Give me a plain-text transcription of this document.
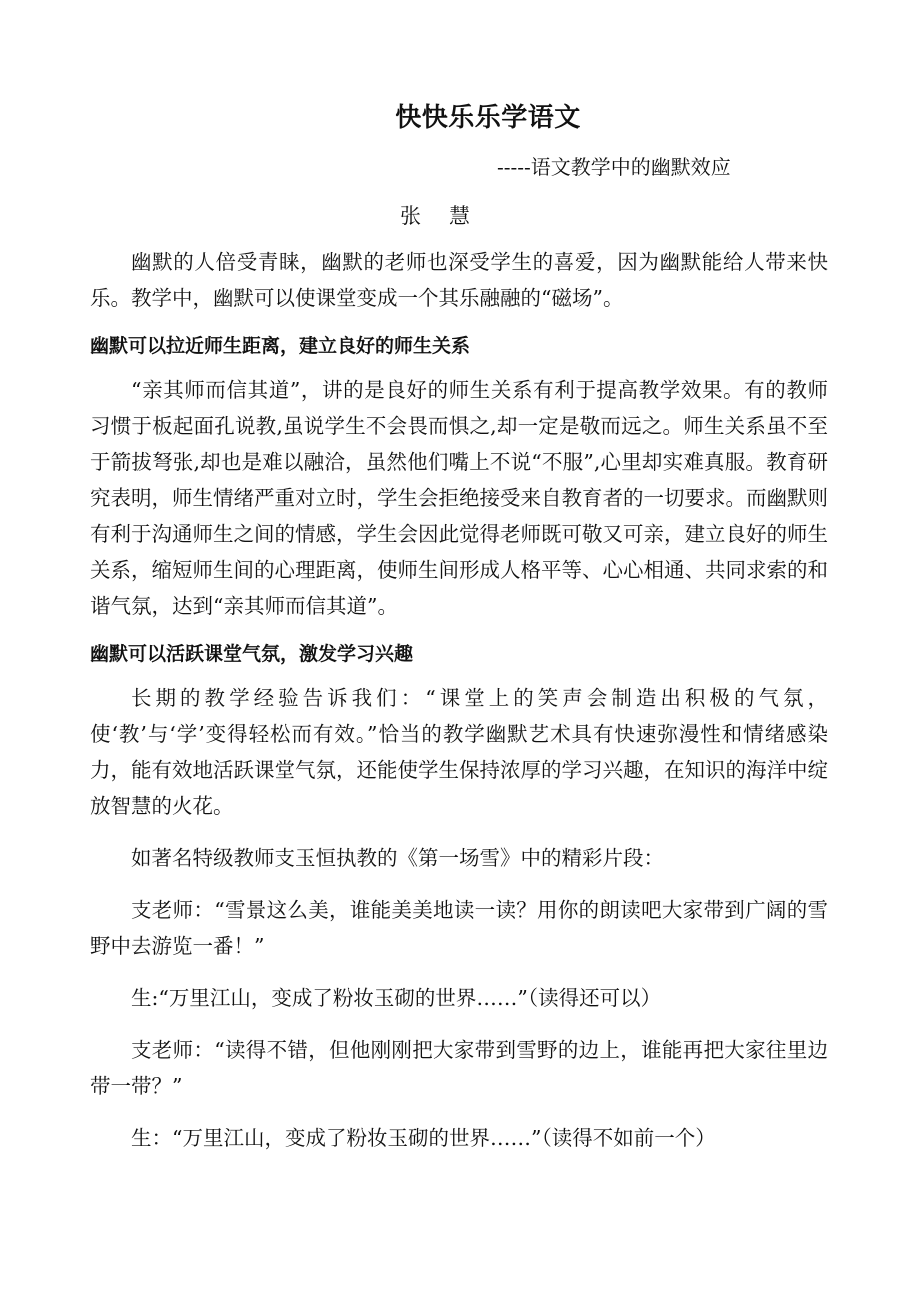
快快乐乐学语文
-----语文教学中的幽默效应
张慧

幽默的人倍受青睐，幽默的老师也深受学生的喜爱，因为幽默能给人带来快乐。教学中，幽默可以使课堂变成一个其乐融融的“磁场”。

幽默可以拉近师生距离，建立良好的师生关系

“亲其师而信其道”，讲的是良好的师生关系有利于提高教学效果。有的教师习惯于板起面孔说教,虽说学生不会畏而惧之,却一定是敬而远之。师生关系虽不至于箭拔弩张,却也是难以融洽，虽然他们嘴上不说“不服”,心里却实难真服。教育研究表明，师生情绪严重对立时，学生会拒绝接受来自教育者的一切要求。而幽默则有利于沟通师生之间的情感，学生会因此觉得老师既可敬又可亲，建立良好的师生关系，缩短师生间的心理距离，使师生间形成人格平等、心心相通、共同求索的和谐气氛，达到“亲其师而信其道”。

幽默可以活跃课堂气氛，激发学习兴趣

长期的教学经验告诉我们：“课堂上的笑声会制造出积极的气氛，使‘教’与‘学’变得轻松而有效。”恰当的教学幽默艺术具有快速弥漫性和情绪感染力，能有效地活跃课堂气氛，还能使学生保持浓厚的学习兴趣，在知识的海洋中绽放智慧的火花。

如著名特级教师支玉恒执教的《第一场雪》中的精彩片段：

支老师：“雪景这么美，谁能美美地读一读？用你的朗读吧大家带到广阔的雪野中去游览一番！”

生:“万里江山，变成了粉妆玉砌的世界……”（读得还可以）

支老师：“读得不错，但他刚刚把大家带到雪野的边上，谁能再把大家往里边带一带？”

生：“万里江山，变成了粉妆玉砌的世界……”（读得不如前一个）
